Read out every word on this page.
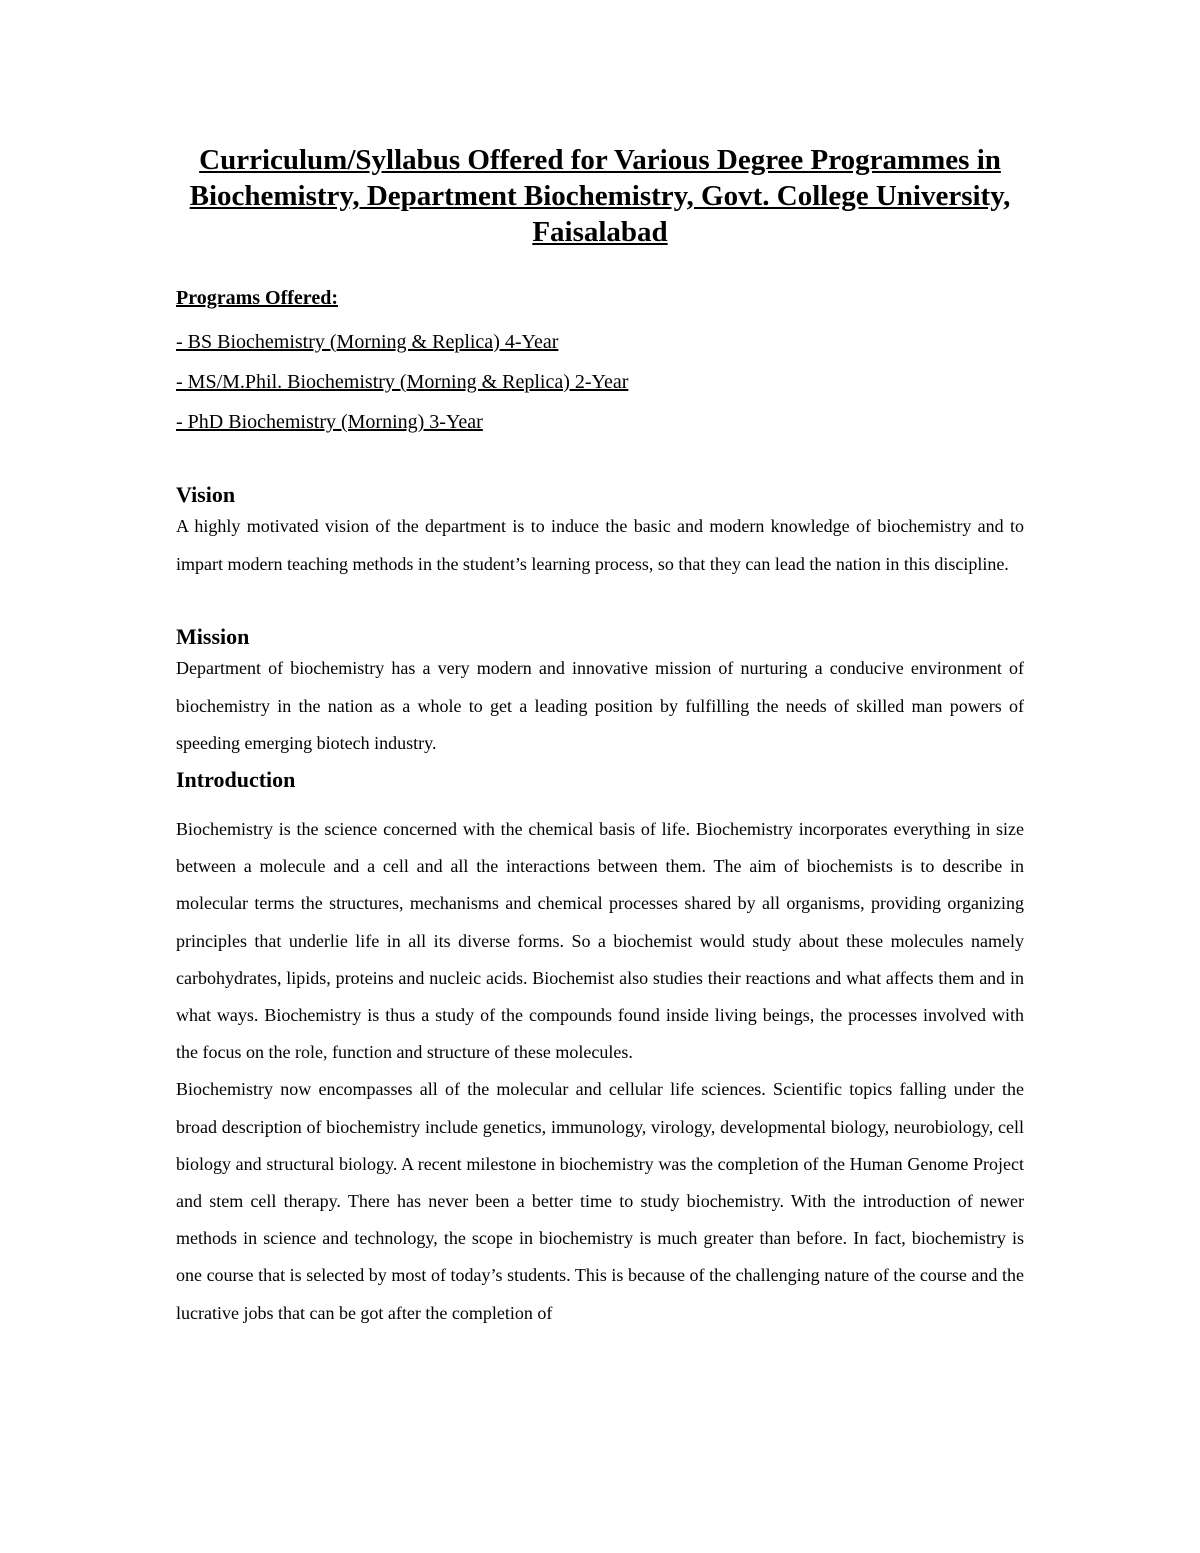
Curriculum/Syllabus Offered for Various Degree Programmes in Biochemistry, Department Biochemistry, Govt. College University, Faisalabad

Programs Offered:

- BS Biochemistry (Morning & Replica) 4-Year

- MS/M.Phil. Biochemistry (Morning & Replica) 2-Year

- PhD Biochemistry (Morning) 3-Year

Vision

A highly motivated vision of the department is to induce the basic and modern knowledge of biochemistry and to impart modern teaching methods in the student’s learning process, so that they can lead the nation in this discipline.

Mission

Department of biochemistry has a very modern and innovative mission of nurturing a conducive environment of biochemistry in the nation as a whole to get a leading position by fulfilling the needs of skilled man powers of speeding emerging biotech industry.

Introduction

Biochemistry is the science concerned with the chemical basis of life. Biochemistry incorporates everything in size between a molecule and a cell and all the interactions between them. The aim of biochemists is to describe in molecular terms the structures, mechanisms and chemical processes shared by all organisms, providing organizing principles that underlie life in all its diverse forms. So a biochemist would study about these molecules namely carbohydrates, lipids, proteins and nucleic acids. Biochemist also studies their reactions and what affects them and in what ways. Biochemistry is thus a study of the compounds found inside living beings, the processes involved with the focus on the role, function and structure of these molecules.

Biochemistry now encompasses all of the molecular and cellular life sciences. Scientific topics falling under the broad description of biochemistry include genetics, immunology, virology, developmental biology, neurobiology, cell biology and structural biology. A recent milestone in biochemistry was the completion of the Human Genome Project and stem cell therapy. There has never been a better time to study biochemistry. With the introduction of newer methods in science and technology, the scope in biochemistry is much greater than before. In fact, biochemistry is one course that is selected by most of today’s students. This is because of the challenging nature of the course and the lucrative jobs that can be got after the completion of
